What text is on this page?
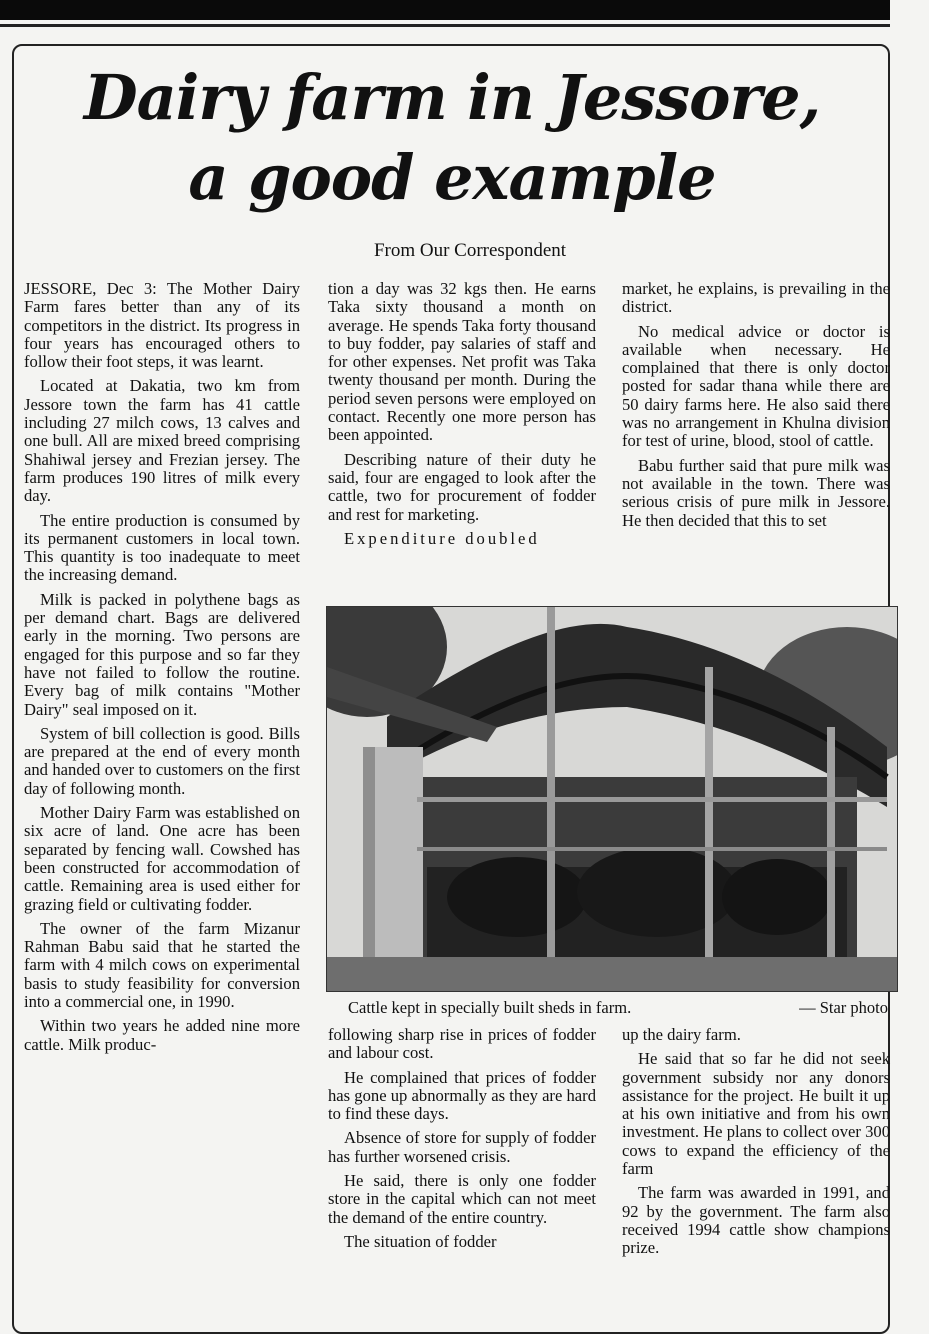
Dairy farm in Jessore,
a good example

From Our Correspondent

JESSORE, Dec 3: The Mother Dairy Farm fares better than any of its competitors in the district. Its progress in four years has encouraged others to follow their foot steps, it was learnt.

Located at Dakatia, two km from Jessore town the farm has 41 cattle including 27 milch cows, 13 calves and one bull. All are mixed breed comprising Shahiwal jersey and Frezian jersey. The farm produces 190 litres of milk every day.

The entire production is consumed by its permanent customers in local town. This quantity is too inadequate to meet the increasing demand.

Milk is packed in polythene bags as per demand chart. Bags are delivered early in the morning. Two persons are engaged for this purpose and so far they have not failed to follow the routine. Every bag of milk contains "Mother Dairy" seal imposed on it.

System of bill collection is good. Bills are prepared at the end of every month and handed over to customers on the first day of following month.

Mother Dairy Farm was established on six acre of land. One acre has been separated by fencing wall. Cowshed has been constructed for accommodation of cattle. Remaining area is used either for grazing field or cultivating fodder.

The owner of the farm Mizanur Rahman Babu said that he started the farm with 4 milch cows on experimental basis to study feasibility for conversion into a commercial one, in 1990.

Within two years he added nine more cattle. Milk produc-

tion a day was 32 kgs then. He earns Taka sixty thousand a month on average. He spends Taka forty thousand to buy fodder, pay salaries of staff and for other expenses. Net profit was Taka twenty thousand per month. During the period seven persons were employed on contact. Recently one more person has been appointed.

Describing nature of their duty he said, four are engaged to look after the cattle, two for procurement of fodder and rest for marketing.

Expenditure doubled

market, he explains, is prevailing in the district.

No medical advice or doctor is available when necessary. He complained that there is only doctor posted for sadar thana while there are 50 dairy farms here. He also said there was no arrangement in Khulna division for test of urine, blood, stool of cattle.

Babu further said that pure milk was not available in the town. There was serious crisis of pure milk in Jessore. He then decided that this to set

Cattle kept in specially built sheds in farm.	— Star photo

following sharp rise in prices of fodder and labour cost.

He complained that prices of fodder has gone up abnormally as they are hard to find these days.

Absence of store for supply of fodder has further worsened crisis.

He said, there is only one fodder store in the capital which can not meet the demand of the entire country.

The situation of fodder

up the dairy farm.

He said that so far he did not seek government subsidy nor any donors assistance for the project. He built it up at his own initiative and from his own investment. He plans to collect over 300 cows to expand the efficiency of the farm

The farm was awarded in 1991, and 92 by the government. The farm also received 1994 cattle show champions prize.
